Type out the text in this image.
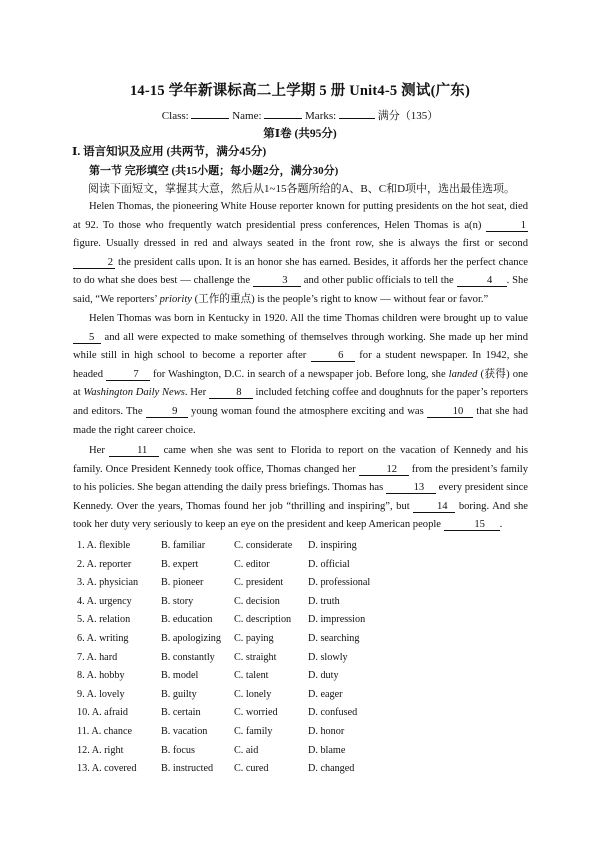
14-15 学年新课标高二上学期 5 册 Unit4-5 测试(广东)
Class:	Name:	Marks:	满分（135）
第Ⅰ卷 (共95分)
Ⅰ. 语言知识及应用 (共两节，满分45分)
第一节 完形填空 (共15小题；每小题2分，满分30分)
阅读下面短文，掌握其大意，然后从1~15各题所给的A、B、C和D项中，选出最佳选项。
Helen Thomas, the pioneering White House reporter known for putting presidents on the hot seat, died at 92. To those who frequently watch presidential press conferences, Helen Thomas is a(n)	1 figure. Usually dressed in red and always seated in the front row, she is always the first or second 2 the president calls upon. It is an honor she has earned. Besides, it affords her the perfect chance to do what she does best — challenge the	3 and other public officials to tell the	4 . She said, “We reporters’ priority (工作的重点) is the people’s right to know — without fear or favor.”
Helen Thomas was born in Kentucky in 1920. All the time Thomas children were brought up to value 5 and all were expected to make something of themselves through working. She made up her mind while still in high school to become a reporter after	6 for a student newspaper. In 1942, she headed	7 for Washington, D.C. in search of a newspaper job. Before long, she landed (获得) one at Washington Daily News. Her	8 included fetching coffee and doughnuts for the paper’s reporters and editors. The	9 young woman found the atmosphere exciting and was	10 that she had made the right career choice.
Her	11 came when she was sent to Florida to report on the vacation of Kennedy and his family. Once President Kennedy took office, Thomas changed her	12 from the president’s family to his policies. She began attending the daily press briefings. Thomas has	13 every president since Kennedy. Over the years, Thomas found her job “thrilling and inspiring”, but	14 boring. And she took her duty very seriously to keep an eye on the president and keep American people	15 .
1. A. flexible	B. familiar	C. considerate D. inspiring
2. A. reporter	B. expert	C. editor	D. official
3. A. physician B. pioneer	C. president D. professional
4. A. urgency	B. story	C. decision	D. truth
5. A. relation	B. education C. description D. impression
6. A. writing	B. apologizing C. paying	D. searching
7. A. hard	B. constantly C. straight	D. slowly
8. A. hobby	B. model	C. talent	D. duty
9. A. lovely	B. guilty	C. lonely	D. eager
10. A. afraid	B. certain	C. worried	D. confused
11. A. chance	B. vacation	C. family	D. honor
12. A. right	B. focus	C. aid	D. blame
13. A. covered B. instructed C. cured	D. changed
